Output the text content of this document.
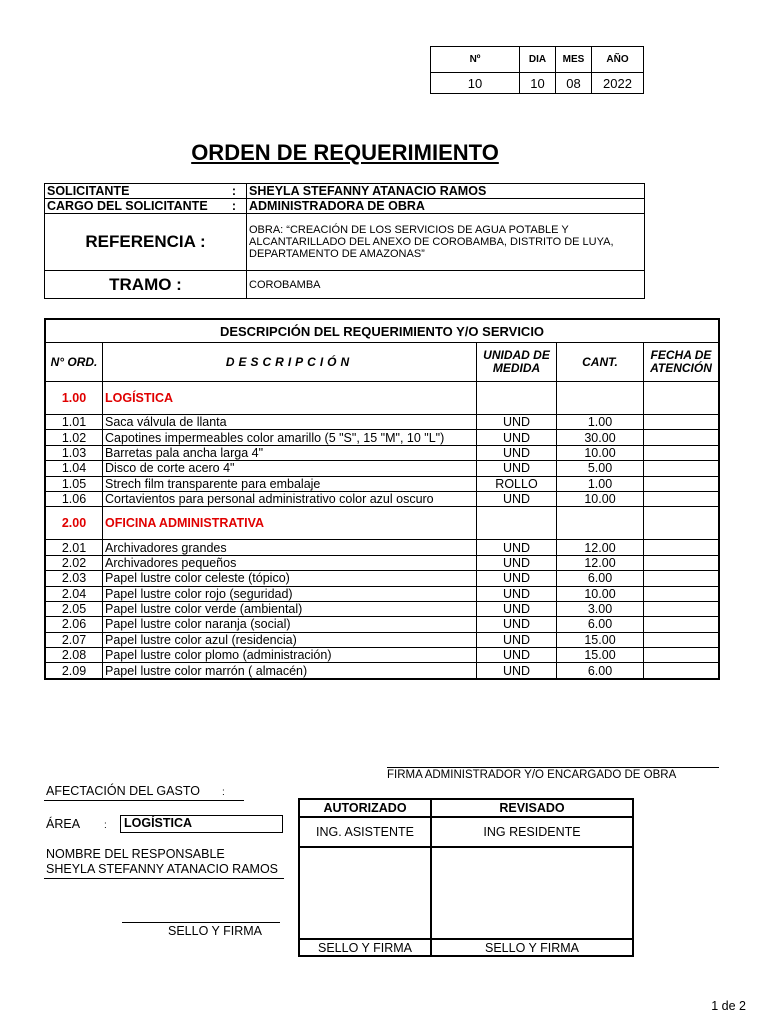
Nº	DIA	MES	AÑO
10	10	08	2022
ORDEN DE REQUERIMIENTO
SOLICITANTE :	SHEYLA STEFANNY ATANACIO RAMOS
CARGO DEL SOLICITANTE :	ADMINISTRADORA DE OBRA
REFERENCIA :	OBRA: “CREACIÓN DE LOS SERVICIOS DE AGUA POTABLE Y ALCANTARILLADO DEL ANEXO DE COROBAMBA, DISTRITO DE LUYA, DEPARTAMENTO DE AMAZONAS”
TRAMO :	COROBAMBA
DESCRIPCIÓN DEL REQUERIMIENTO Y/O SERVICIO				
N° ORD.	DESCRIPCIÓN	UNIDAD DE MEDIDA	CANT.	FECHA DE ATENCIÓN
1.00	LOGÍSTICA			
1.01	Saca válvula de llanta	UND	1.00	
1.02	Capotines impermeables color amarillo (5 "S", 15 "M", 10 "L")	UND	30.00	
1.03	Barretas pala ancha larga 4"	UND	10.00	
1.04	Disco de corte acero 4"	UND	5.00	
1.05	Strech film transparente para embalaje	ROLLO	1.00	
1.06	Cortavientos para personal administrativo color azul oscuro	UND	10.00	
2.00	OFICINA ADMINISTRATIVA			
2.01	Archivadores grandes	UND	12.00	
2.02	Archivadores pequeños	UND	12.00	
2.03	Papel lustre color celeste (tópico)	UND	6.00	
2.04	Papel lustre color rojo (seguridad)	UND	10.00	
2.05	Papel lustre color verde (ambiental)	UND	3.00	
2.06	Papel lustre color naranja (social)	UND	6.00	
2.07	Papel lustre color azul (residencia)	UND	15.00	
2.08	Papel lustre color plomo (administración)	UND	15.00	
2.09	Papel lustre color marrón ( almacén)	UND	6.00	
FIRMA ADMINISTRADOR Y/O ENCARGADO DE OBRA
AFECTACIÓN DEL GASTO :
ÁREA :	LOGÍSTICA
NOMBRE DEL RESPONSABLE
SHEYLA STEFANNY ATANACIO RAMOS
SELLO Y FIRMA
AUTORIZADO	REVISADO
ING. ASISTENTE	ING RESIDENTE

SELLO Y FIRMA	SELLO Y FIRMA
1 de 2
